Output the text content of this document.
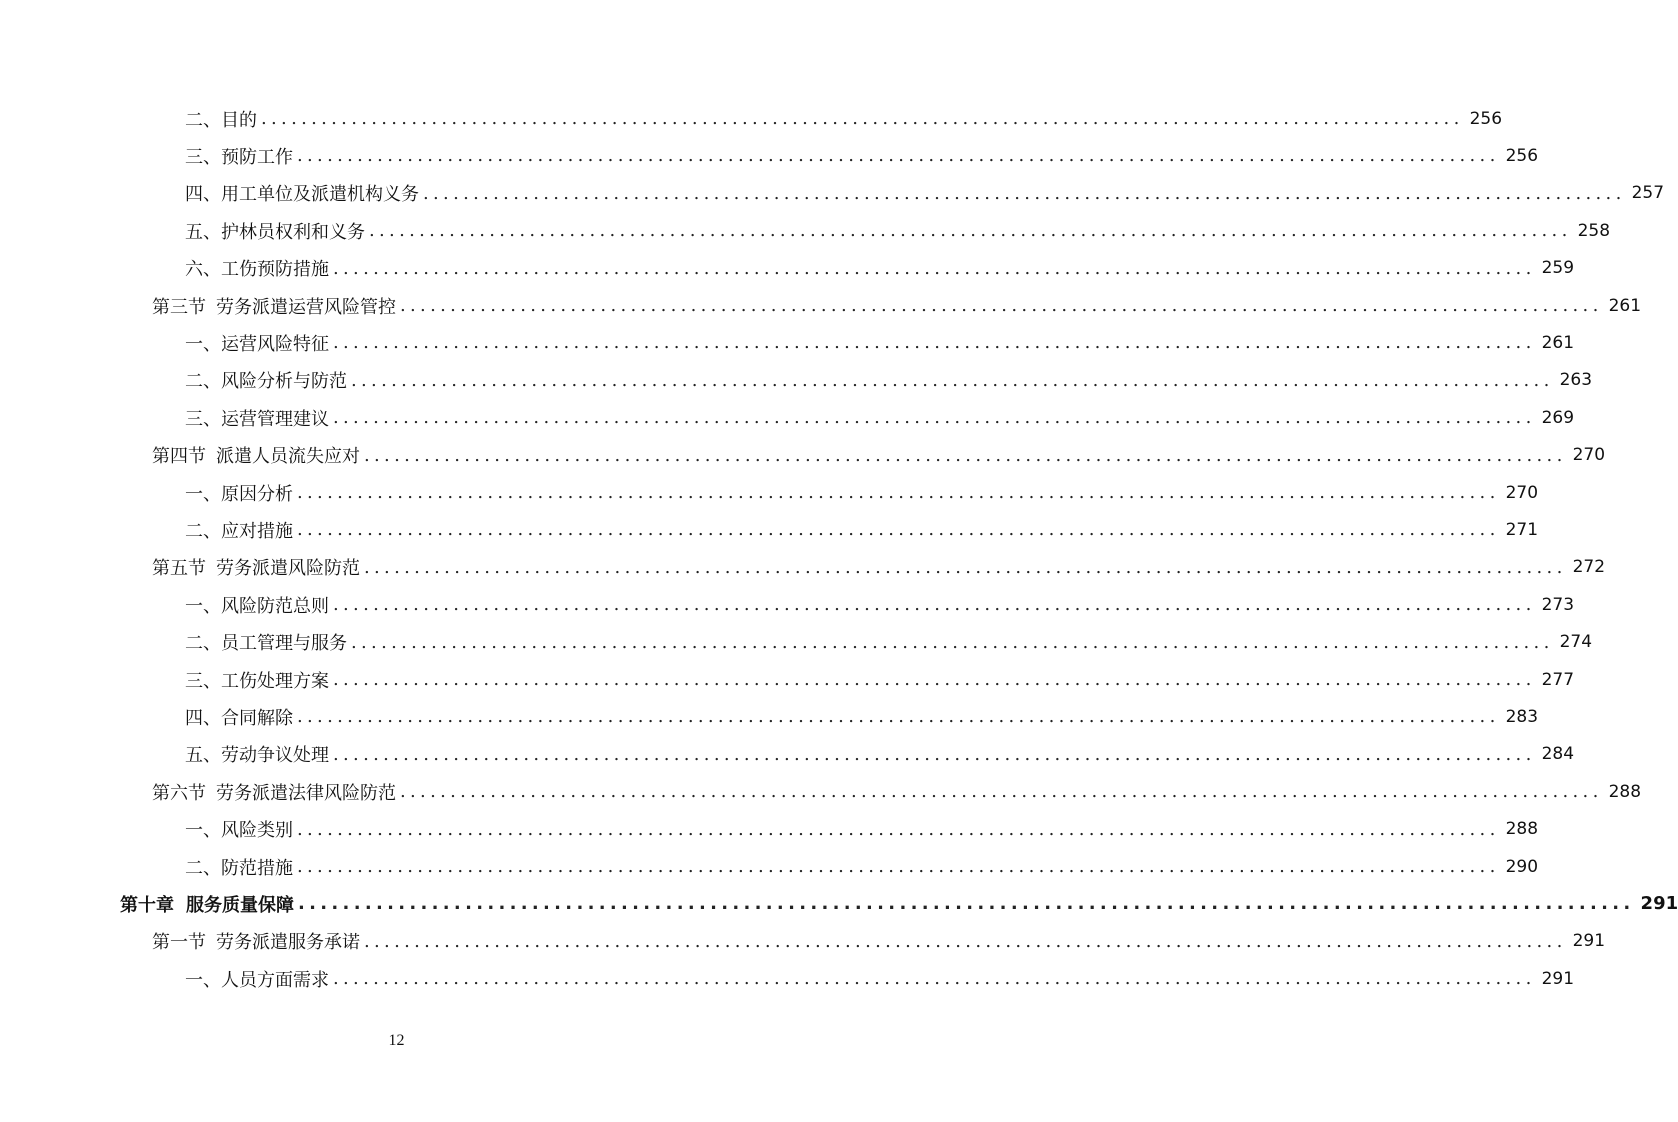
二、 目的 ........................................................................................................................ 256
三、 预防工作 ........................................................................................................................ 256
四、 用工单位及派遣机构义务 ........................................................................................................................ 257
五、 护林员权利和义务 ........................................................................................................................ 258
六、 工伤预防措施 ........................................................................................................................ 259
第三节 劳务派遣运营风险管控 ........................................................................................................................ 261
一、 运营风险特征 ........................................................................................................................ 261
二、 风险分析与防范 ........................................................................................................................ 263
三、 运营管理建议 ........................................................................................................................ 269
第四节 派遣人员流失应对 ........................................................................................................................ 270
一、 原因分析 ........................................................................................................................ 270
二、 应对措施 ........................................................................................................................ 271
第五节 劳务派遣风险防范 ........................................................................................................................ 272
一、 风险防范总则 ........................................................................................................................ 273
二、 员工管理与服务 ........................................................................................................................ 274
三、 工伤处理方案 ........................................................................................................................ 277
四、 合同解除 ........................................................................................................................ 283
五、 劳动争议处理 ........................................................................................................................ 284
第六节 劳务派遣法律风险防范 ........................................................................................................................ 288
一、 风险类别 ........................................................................................................................ 288
二、 防范措施 ........................................................................................................................ 290
第十章 服务质量保障 ........................................................................................................................ 291
第一节 劳务派遣服务承诺 ........................................................................................................................ 291
一、 人员方面需求 ........................................................................................................................ 291
12
